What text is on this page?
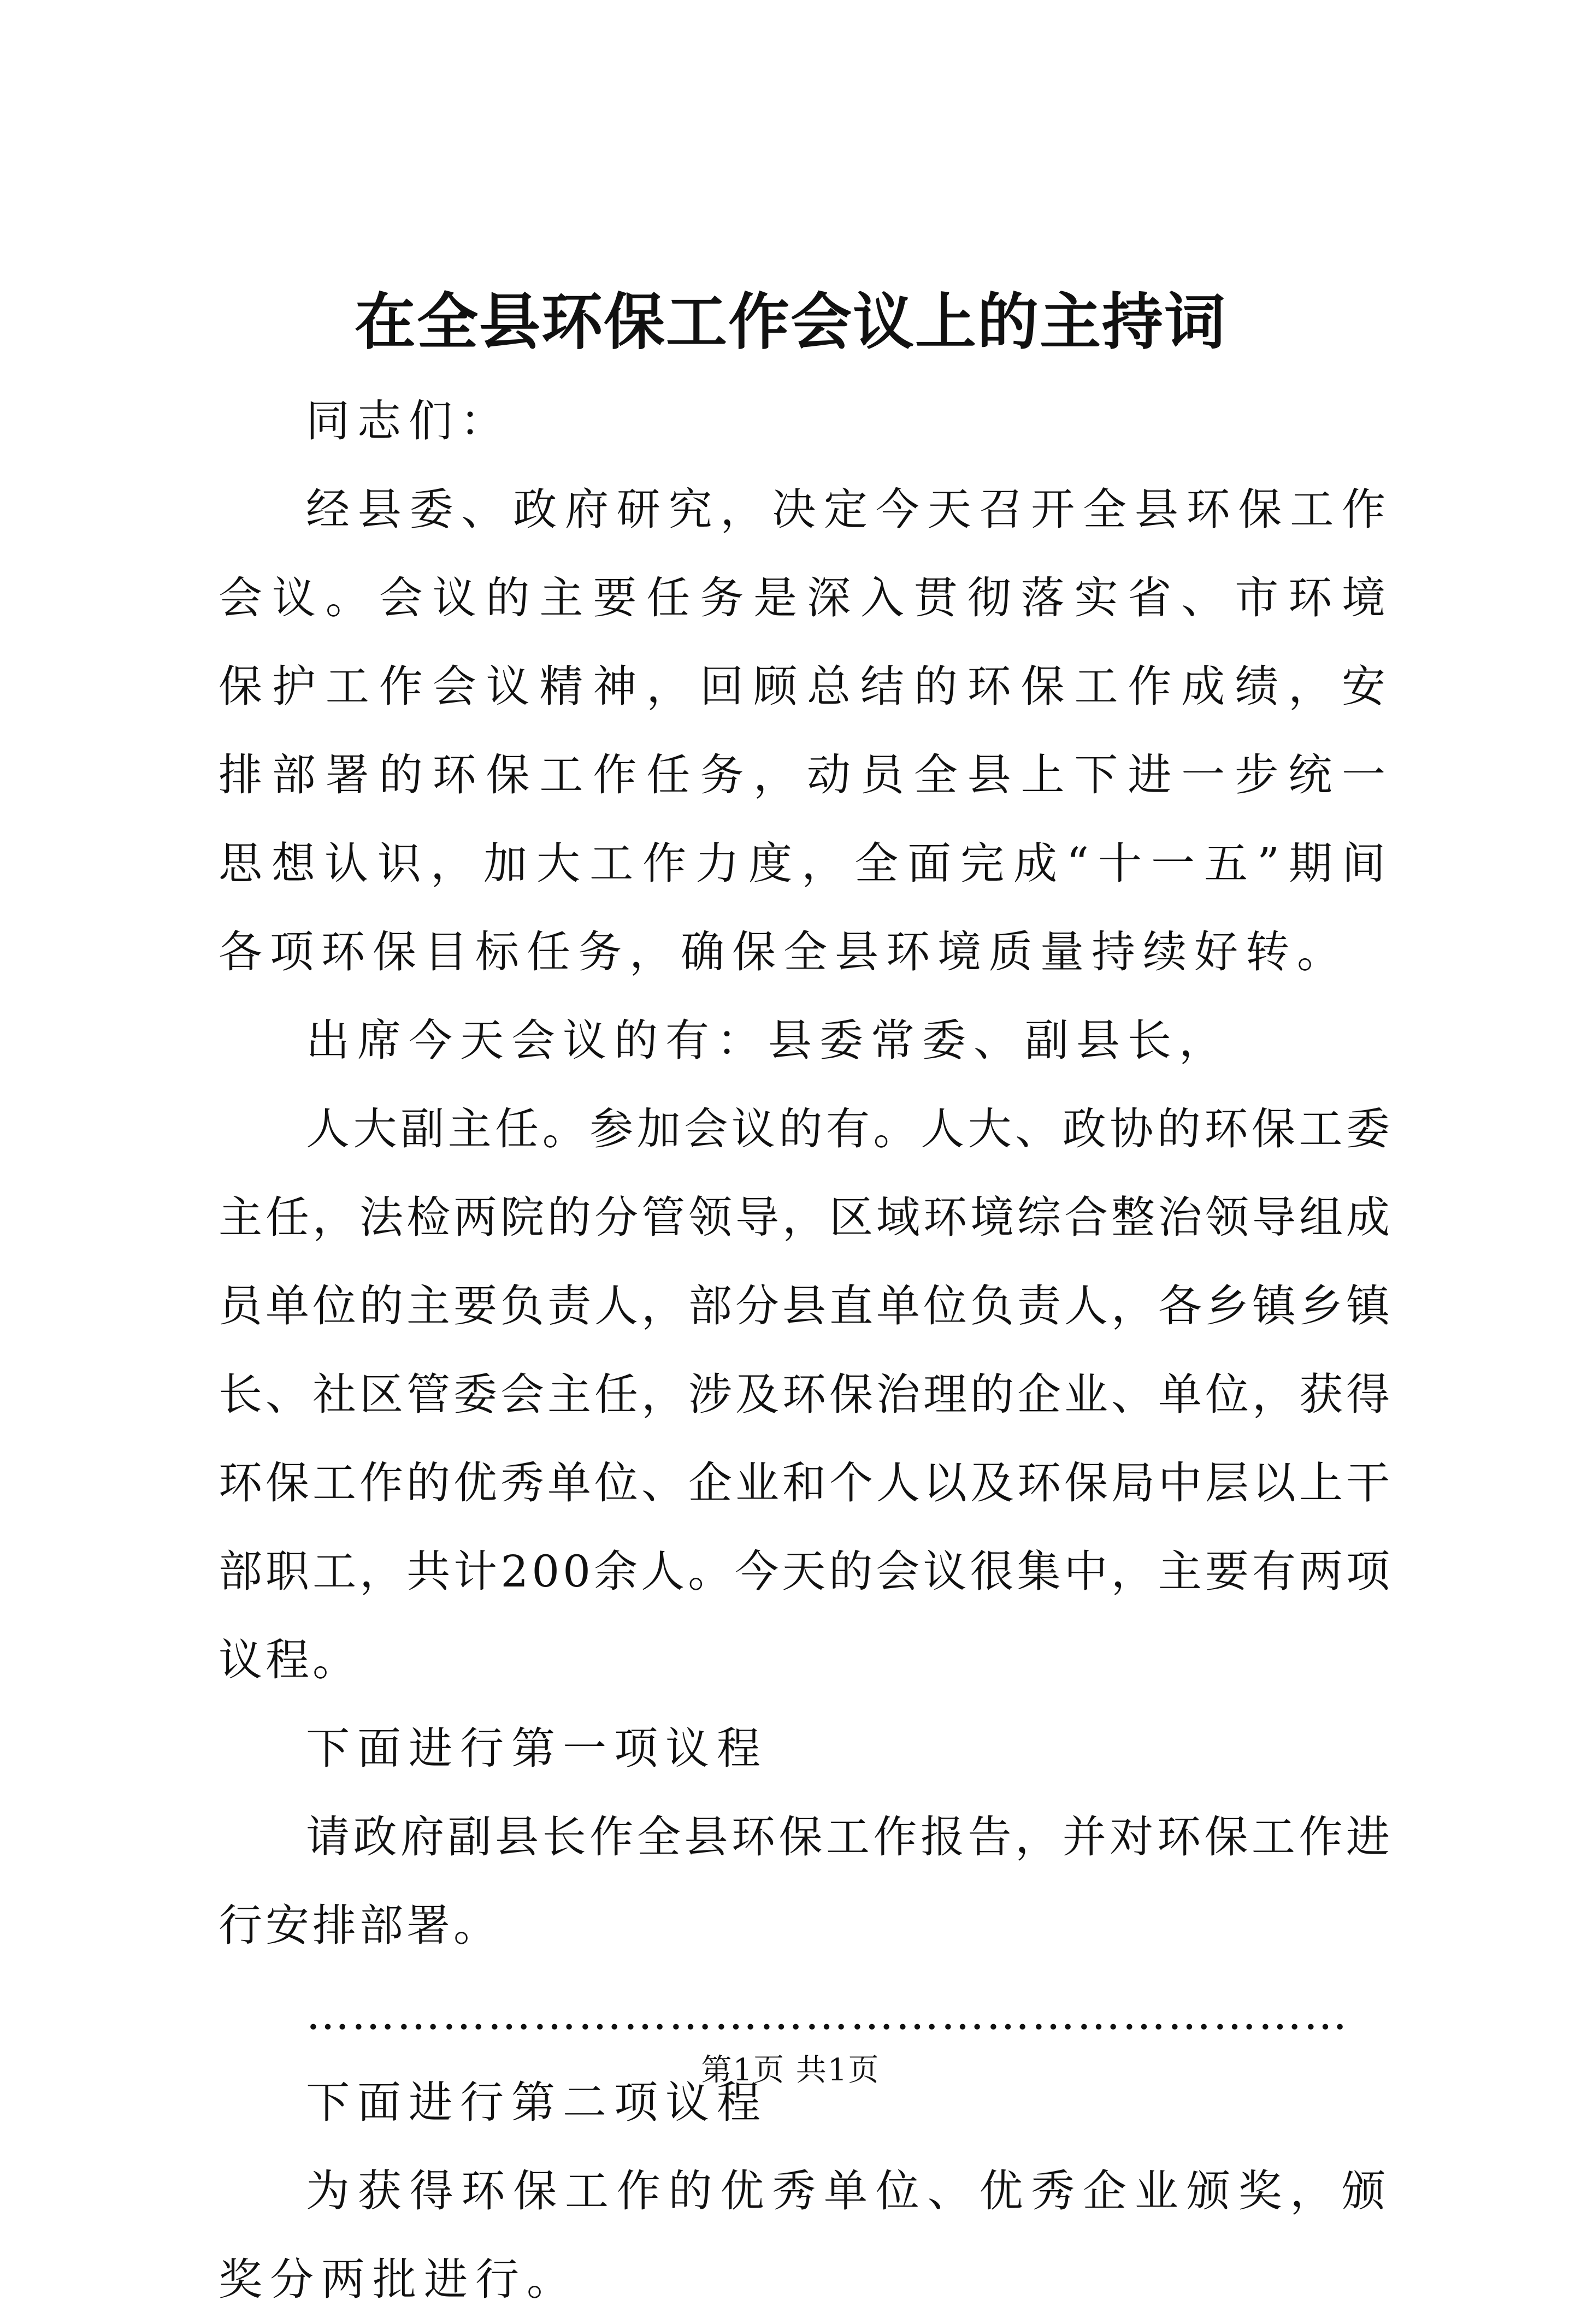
在全县环保工作会议上的主持词

同志们：

经县委、政府研究，决定今天召开全县环保工作会议。会议的主要任务是深入贯彻落实省、市环境保护工作会议精神，回顾总结的环保工作成绩，安排部署的环保工作任务，动员全县上下进一步统一思想认识，加大工作力度，全面完成“十一五”期间各项环保目标任务，确保全县环境质量持续好转。

出席今天会议的有：县委常委、副县长，

人大副主任。参加会议的有。人大、政协的环保工委主任，法检两院的分管领导，区域环境综合整治领导组成员单位的主要负责人，部分县直单位负责人，各乡镇乡镇长、社区管委会主任，涉及环保治理的企业、单位，获得环保工作的优秀单位、企业和个人以及环保局中层以上干部职工，共计200余人。今天的会议很集中，主要有两项议程。

下面进行第一项议程

请政府副县长作全县环保工作报告，并对环保工作进行安排部署。

……………………………………………………………

下面进行第二项议程

为获得环保工作的优秀单位、优秀企业颁奖，颁奖分两批进行。

第1页 共1页
